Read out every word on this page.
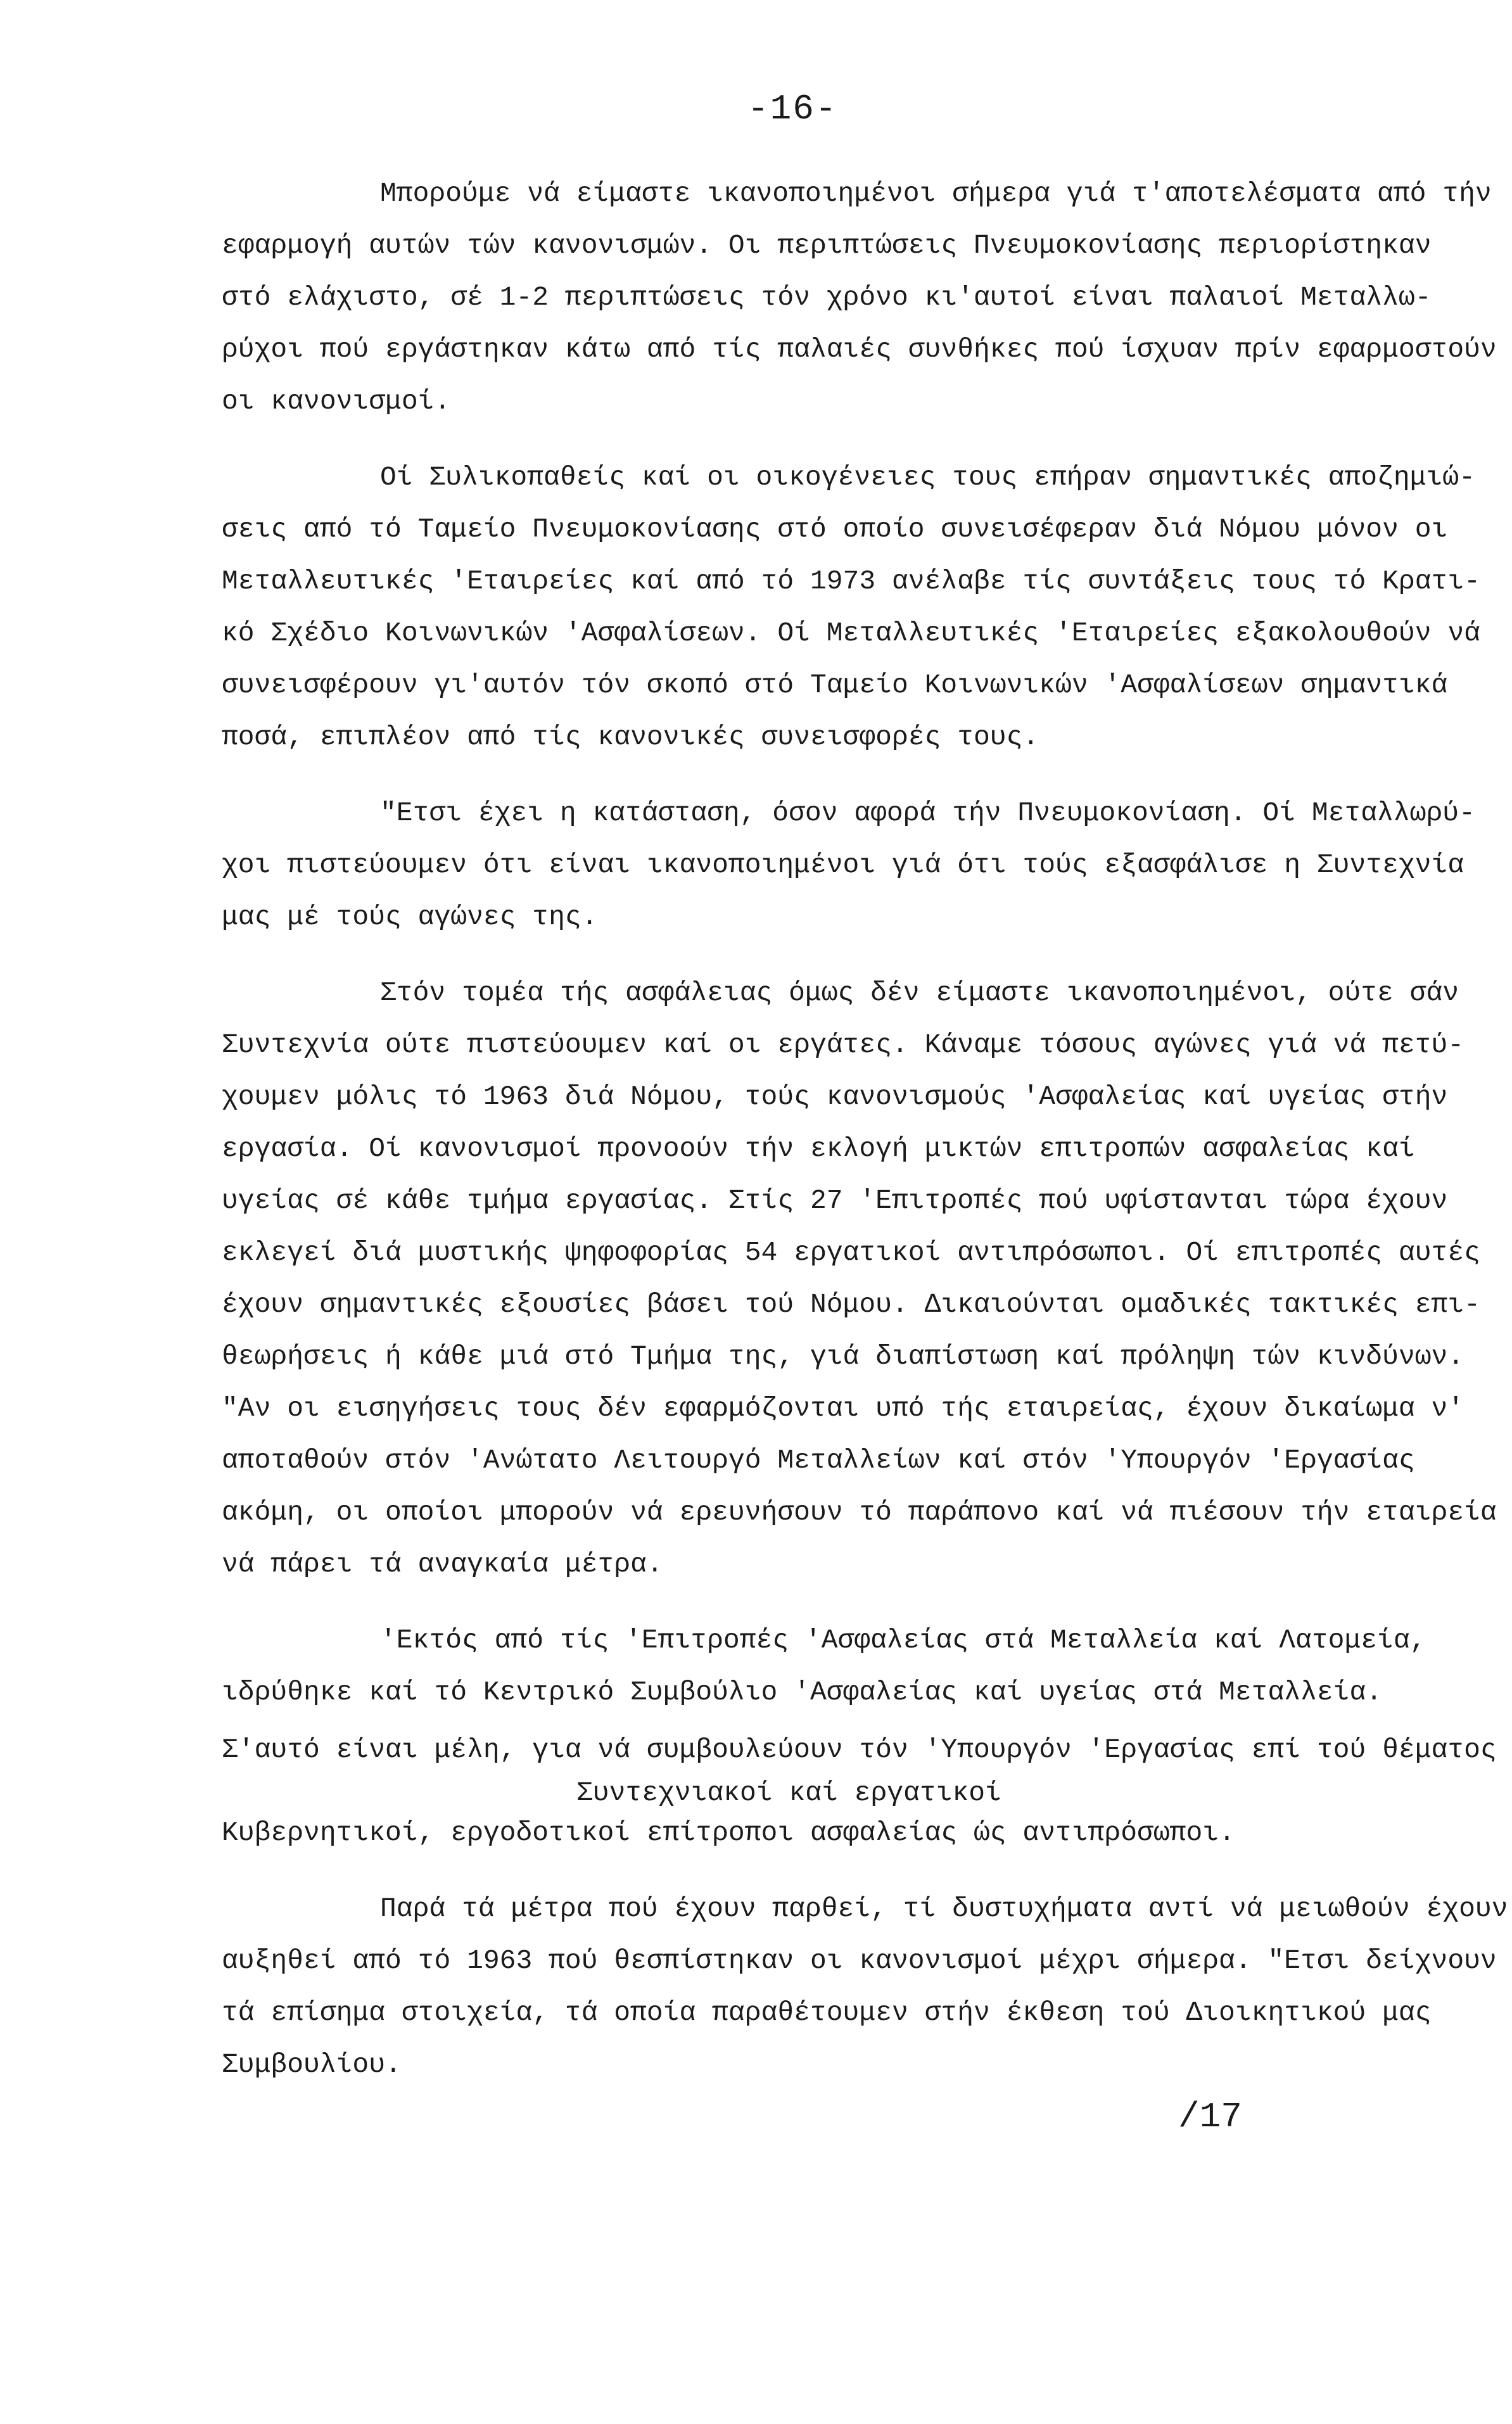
-16-
Μπορούμε νά είμαστε ικανοποιημένοι σήμερα γιά τ'αποτελέσματα από τήν
εφαρμογή αυτών τών κανονισμών. Οι περιπτώσεις Πνευμοκονίασης περιορίστηκαν
στό ελάχιστο, σέ 1-2 περιπτώσεις τόν χρόνο κι'αυτοί είναι παλαιοί Μεταλλω-
ρύχοι πού εργάστηκαν κάτω από τίς παλαιές συνθήκες πού ίσχυαν πρίν εφαρμοστούν
οι κανονισμοί.
Οί Συλικοπαθείς καί οι οικογένειες τους επήραν σημαντικές αποζημιώ-
σεις από τό Ταμείο Πνευμοκονίασης στό οποίο συνεισέφεραν διά Νόμου μόνον οι
Μεταλλευτικές 'Εταιρείες καί από τό 1973 ανέλαβε τίς συντάξεις τους τό Κρατι-
κό Σχέδιο Κοινωνικών 'Ασφαλίσεων. Οί Μεταλλευτικές 'Εταιρείες εξακολουθούν νά
συνεισφέρουν γι'αυτόν τόν σκοπό στό Ταμείο Κοινωνικών 'Ασφαλίσεων σημαντικά
ποσά, επιπλέον από τίς κανονικές συνεισφορές τους.
"Ετσι έχει η κατάσταση, όσον αφορά τήν Πνευμοκονίαση. Οί Μεταλλωρύ-
χοι πιστεύουμεν ότι είναι ικανοποιημένοι γιά ότι τούς εξασφάλισε η Συντεχνία
μας μέ τούς αγώνες της.
Στόν τομέα τής ασφάλειας όμως δέν είμαστε ικανοποιημένοι, ούτε σάν
Συντεχνία ούτε πιστεύουμεν καί οι εργάτες. Κάναμε τόσους αγώνες γιά νά πετύ-
χουμεν μόλις τό 1963 διά Νόμου, τούς κανονισμούς 'Ασφαλείας καί υγείας στήν
εργασία. Οί κανονισμοί προνοούν τήν εκλογή μικτών επιτροπών ασφαλείας καί
υγείας σέ κάθε τμήμα εργασίας. Στίς 27 'Επιτροπές πού υφίστανται τώρα έχουν
εκλεγεί διά μυστικής ψηφοφορίας 54 εργατικοί αντιπρόσωποι. Οί επιτροπές αυτές
έχουν σημαντικές εξουσίες βάσει τού Νόμου. Δικαιούνται ομαδικές τακτικές επι-
θεωρήσεις ή κάθε μιά στό Τμήμα της, γιά διαπίστωση καί πρόληψη τών κινδύνων.
"Αν οι εισηγήσεις τους δέν εφαρμόζονται υπό τής εταιρείας, έχουν δικαίωμα ν'
αποταθούν στόν 'Ανώτατο Λειτουργό Μεταλλείων καί στόν 'Υπουργόν 'Εργασίας
ακόμη, οι οποίοι μπορούν νά ερευνήσουν τό παράπονο καί νά πιέσουν τήν εταιρεία
νά πάρει τά αναγκαία μέτρα.
'Εκτός από τίς 'Επιτροπές 'Ασφαλείας στά Μεταλλεία καί Λατομεία,
ιδρύθηκε καί τό Κεντρικό Συμβούλιο 'Ασφαλείας καί υγείας στά Μεταλλεία.
Σ'αυτό είναι μέλη, για νά συμβουλεύουν τόν 'Υπουργόν 'Εργασίας επί τού θέματος
Συντεχνιακοί καί εργατικοί
Κυβερνητικοί, εργοδοτικοί επίτροποι ασφαλείας ώς αντιπρόσωποι.
Παρά τά μέτρα πού έχουν παρθεί, τί δυστυχήματα αντί νά μειωθούν έχουν
αυξηθεί από τό 1963 πού θεσπίστηκαν οι κανονισμοί μέχρι σήμερα. "Ετσι δείχνουν
τά επίσημα στοιχεία, τά οποία παραθέτουμεν στήν έκθεση τού Διοικητικού μας
Συμβουλίου.
/17
